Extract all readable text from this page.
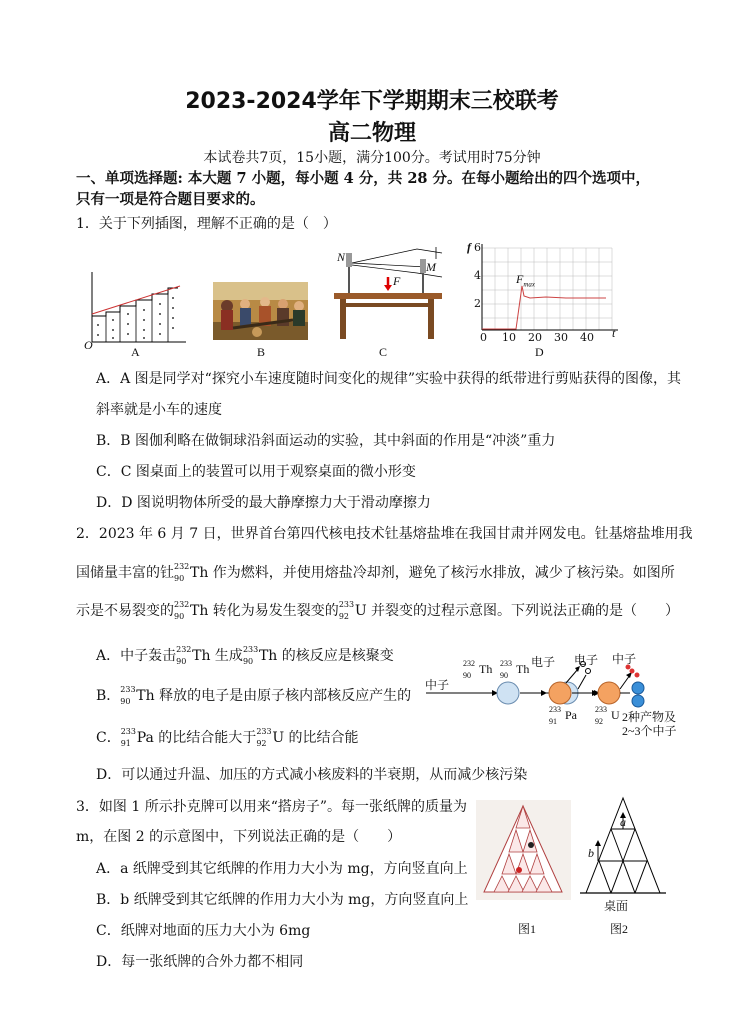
2023-2024学年下学期期末三校联考
高二物理
本试卷共7页，15小题，满分100分。考试用时75分钟
一、单项选择题: 本大题 7 小题，每小题 4 分，共 28 分。在每小题给出的四个选项中，
只有一项是符合题目要求的。
1．关于下列插图，理解不正确的是（　）
O	A	B
N
M
F
C
f 6
4
2
0 10 20 30 40 t
$F_{max}$
D
A．A 图是同学对“探究小车速度随时间变化的规律”实验中获得的纸带进行剪贴获得的图像，其
斜率就是小车的速度
B．B 图伽利略在做铜球沿斜面运动的实验，其中斜面的作用是“冲淡”重力
C．C 图桌面上的装置可以用于观察桌面的微小形变
D．D 图说明物体所受的最大静摩擦力大于滑动摩擦力
2．2023 年 6 月 7 日，世界首台第四代核电技术钍基熔盐堆在我国甘肃并网发电。钍基熔盐堆用我
国储量丰富的钍 232
90 Th 作为燃料，并使用熔盐冷却剂，避免了核污水排放，减少了核污染。如图所
示是不易裂变的 232
90 Th 转化为易发生裂变的 233
92 U 并裂变的过程示意图。下列说法正确的是（　　）
A．中子轰击 232
90 Th 生成 233
90 Th 的核反应是核聚变
B． 233
90 Th 释放的电子是由原子核内部核反应产生的
C． 233
91 Pa 的比结合能大于 233
92 U 的比结合能
D．可以通过升温、加压的方式减小核废料的半衰期，从而减少核污染
中子
232
90 Th 233
90 Th 电子 电子 中子
233
91 Pa 233
92 U 2种产物及
2~3个中子
3．如图 1 所示扑克牌可以用来“搭房子”。每一张纸牌的质量为
m，在图 2 的示意图中，下列说法正确的是（　　）
A．a 纸牌受到其它纸牌的作用力大小为 mg，方向竖直向上
B．b 纸牌受到其它纸牌的作用力大小为 mg，方向竖直向上
C．纸牌对地面的压力大小为 6mg
D．每一张纸牌的合外力都不相同
图1
a
b
桌面
图2
